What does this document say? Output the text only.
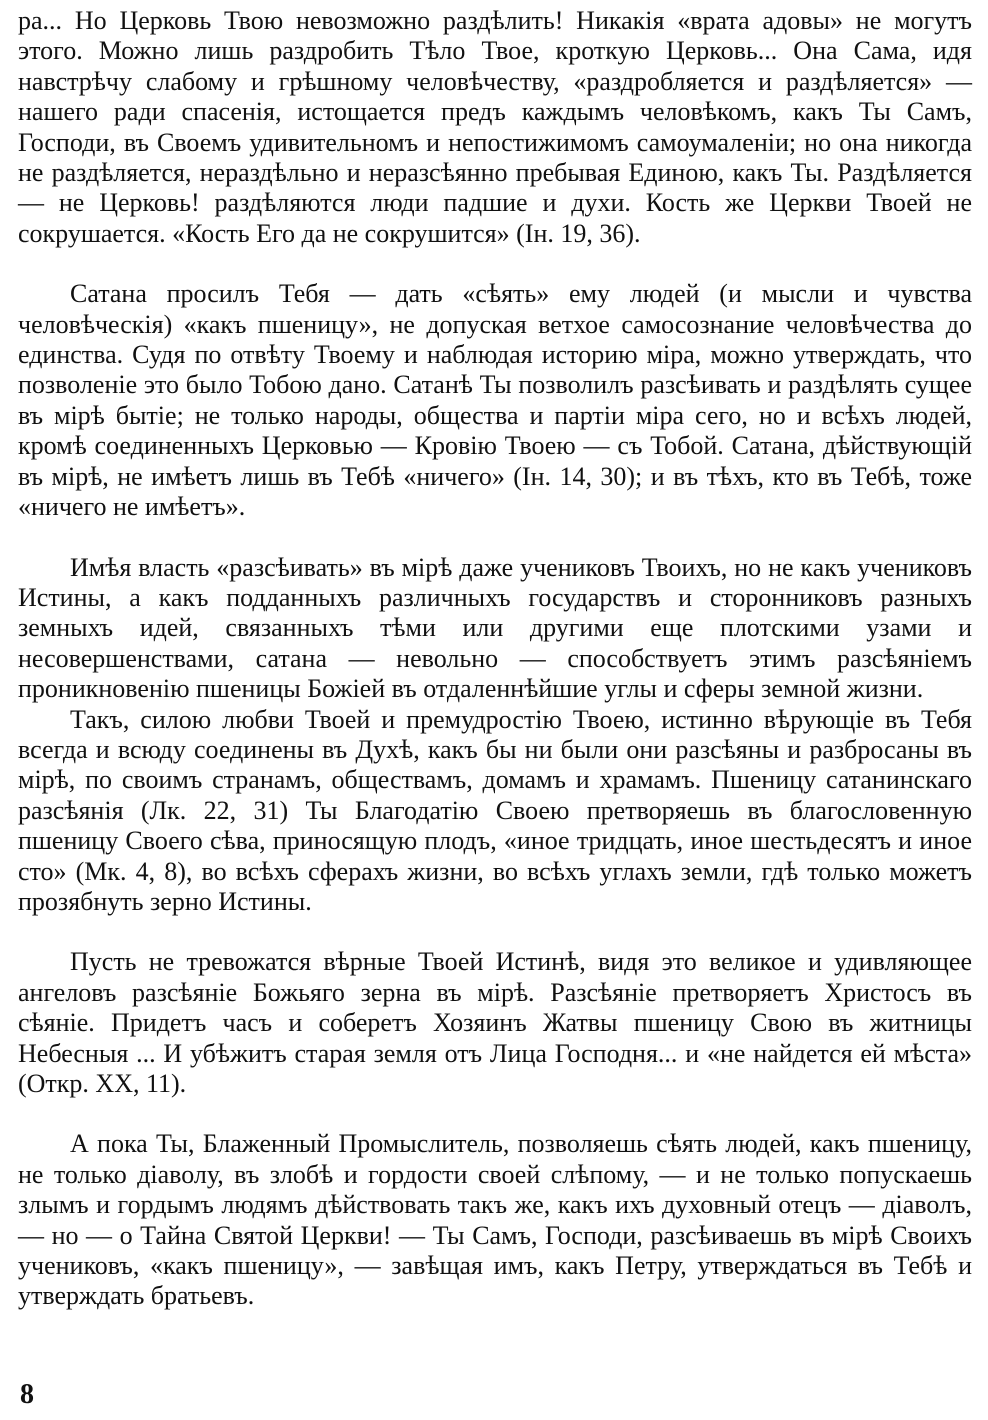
ра... Но Церковь Твою невозможно раздѣлить! Никакія «врата адовы» не могутъ этого. Можно лишь раздробить Тѣло Твое, кроткую Церковь... Она Сама, идя навстрѣчу слабому и грѣшному человѣчеству, «раздробляется и раздѣляется» — нашего ради спасенія, истощается предъ каждымъ человѣкомъ, какъ Ты Самъ, Господи, въ Своемъ удивительномъ и непостижимомъ самоумаленіи; но она никогда не раздѣляется, нераздѣльно и неразсѣянно пребывая Единою, какъ Ты. Раздѣляется — не Церковь! раздѣляются люди падшие и духи. Кость же Церкви Твоей не сокрушается. «Кость Его да не сокрушится» (Ін. 19, 36).

Сатана просилъ Тебя — дать «сѣять» ему людей (и мысли и чувства человѣческія) «какъ пшеницу», не допуская ветхое самосознание человѣчества до единства. Судя по отвѣту Твоему и наблюдая историю міра, можно утверждать, что позволеніе это было Тобою дано. Сатанѣ Ты позволилъ разсѣивать и раздѣлять сущее въ мірѣ бытіе; не только народы, общества и партіи міра сего, но и всѣхъ людей, кромѣ соединенныхъ Церковью — Кровію Твоею — съ Тобой. Сатана, дѣйствующій въ мірѣ, не имѣетъ лишь въ Тебѣ «ничего» (Ін. 14, 30); и въ тѣхъ, кто въ Тебѣ, тоже «ничего не имѣетъ».

Имѣя власть «разсѣивать» въ мірѣ даже учениковъ Твоихъ, но не какъ учениковъ Истины, а какъ подданныхъ различныхъ государствъ и сторонниковъ разныхъ земныхъ идей, связанныхъ тѣми или другими еще плотскими узами и несовершенствами, сатана — невольно — способствуетъ этимъ разсѣяніемъ проникновенію пшеницы Божіей въ отдаленнѣйшие углы и сферы земной жизни.

Такъ, силою любви Твоей и премудростію Твоею, истинно вѣрующіе въ Тебя всегда и всюду соединены въ Духѣ, какъ бы ни были они разсѣяны и разбросаны въ мірѣ, по своимъ странамъ, обществамъ, домамъ и храмамъ. Пшеницу сатанинскаго разсѣянія (Лк. 22, 31) Ты Благодатію Своею претворяешь въ благословенную пшеницу Своего сѣва, приносящую плодъ, «иное тридцать, иное шестьдесятъ и иное сто» (Мк. 4, 8), во всѣхъ сферахъ жизни, во всѣхъ углахъ земли, гдѣ только можетъ прозябнуть зерно Истины.

Пусть не тревожатся вѣрные Твоей Истинѣ, видя это великое и удивляющее ангеловъ разсѣяніе Божьяго зерна въ мірѣ. Разсѣяніе претворяетъ Христосъ въ сѣяніе. Придетъ часъ и соберетъ Хозяинъ Жатвы пшеницу Свою въ житницы Небесныя ... И убѣжитъ старая земля отъ Лица Господня... и «не найдется ей мѣста» (Откр. XX, 11).

А пока Ты, Блаженный Промыслитель, позволяешь сѣять людей, какъ пшеницу, не только діаволу, въ злобѣ и гордости своей слѣпому, — и не только попускаешь злымъ и гордымъ людямъ дѣйствовать такъ же, какъ ихъ духовный отецъ — діаволъ, — но — о Тайна Святой Церкви! — Ты Самъ, Господи, разсѣиваешь въ мірѣ Своихъ учениковъ, «какъ пшеницу», — завѣщая имъ, какъ Петру, утверждаться въ Тебѣ и утверждать братьевъ.

8
